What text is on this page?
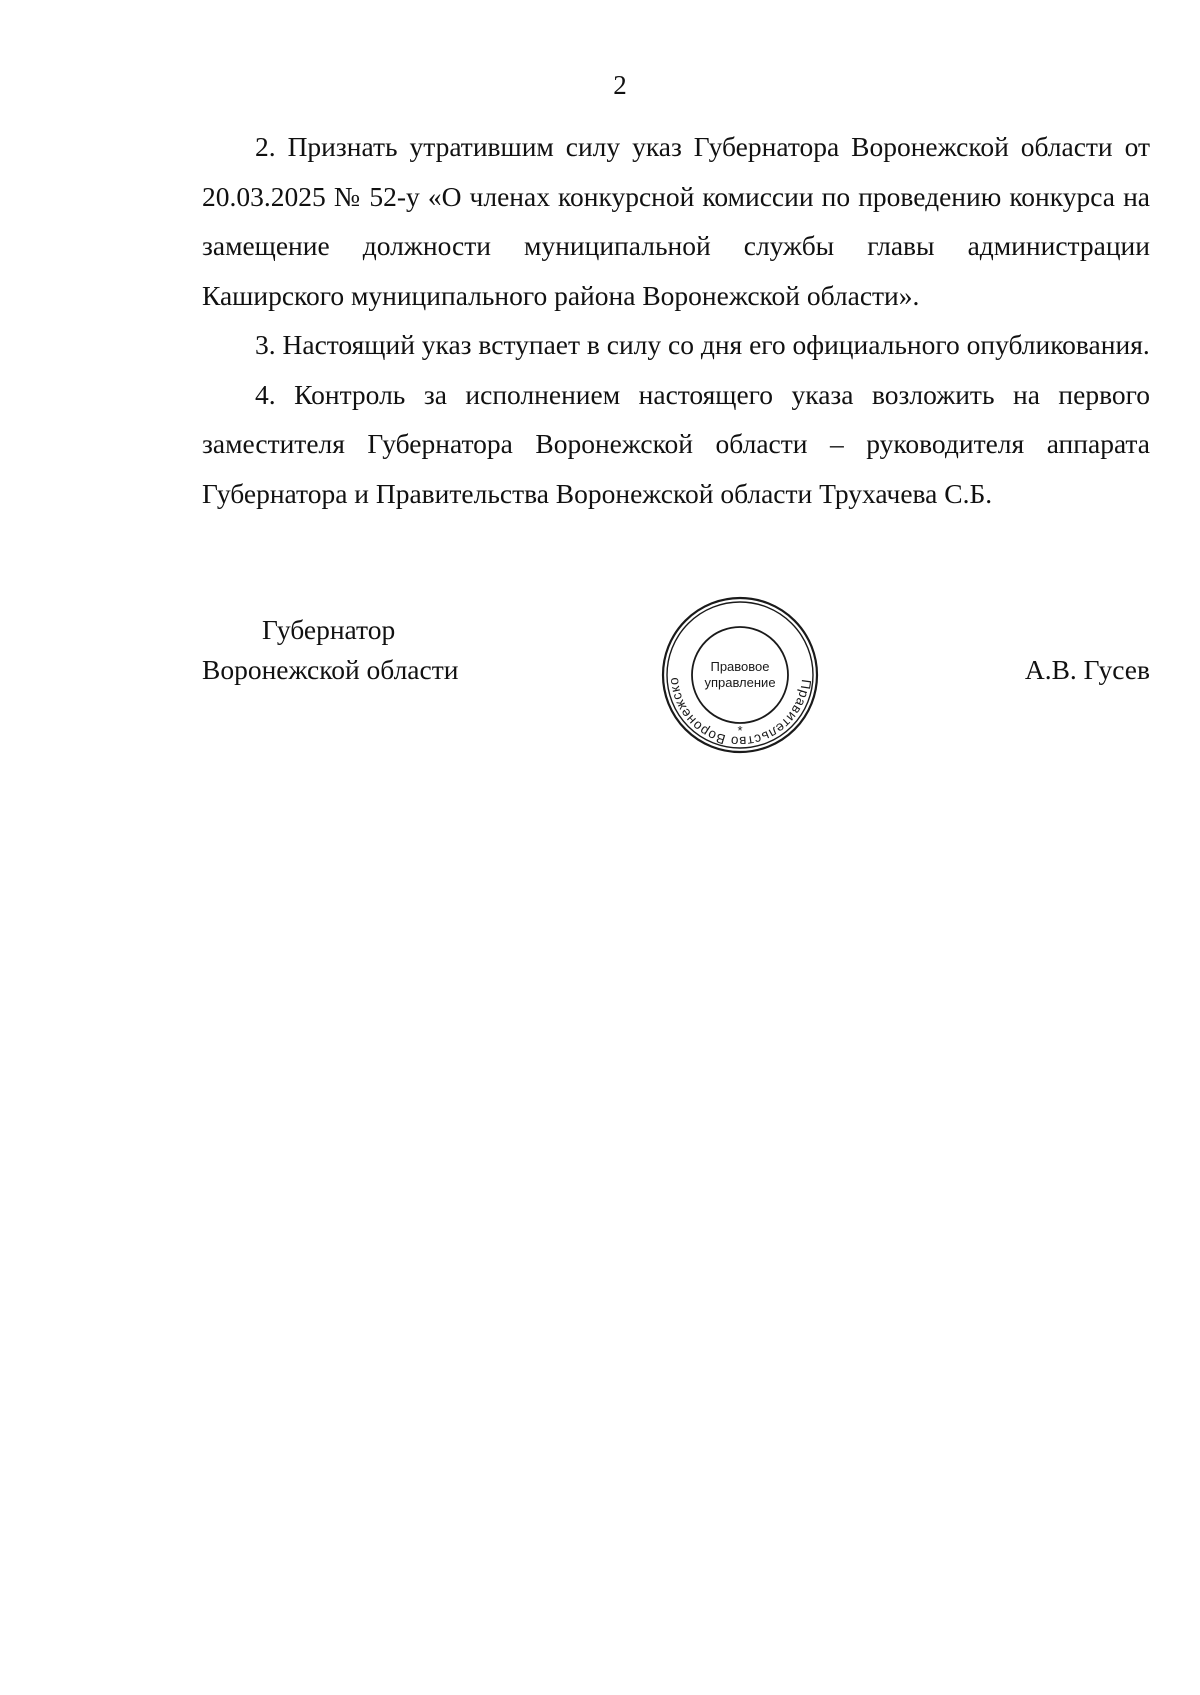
2

2. Признать утратившим силу указ Губернатора Воронежской области от 20.03.2025 № 52-у «О членах конкурсной комиссии по проведению конкурса на замещение должности муниципальной службы главы администрации Каширского муниципального района Воронежской области».

3. Настоящий указ вступает в силу со дня его официального опубликования.

4. Контроль за исполнением настоящего указа возложить на первого заместителя Губернатора Воронежской области – руководителя аппарата Губернатора и Правительства Воронежской области Трухачева С.Б.

Губернатор
Воронежской области	А.В. Гусев
Правительство Воронежско
Правовое
управление
*
